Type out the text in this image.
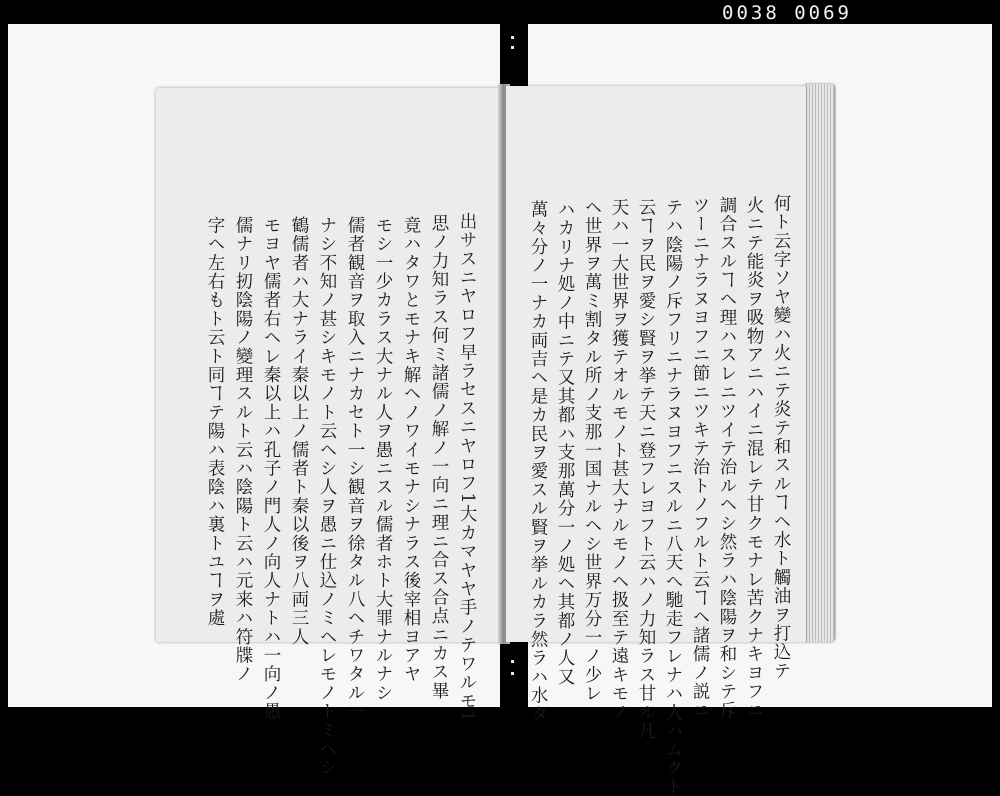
0038 0069
出サスニヤロフ早ラセスニヤロフ1大カマヤヤ手ノテワルモ1
思ノ力知ラス何ミ諸儒ノ解ノ一向ニ理ニ合ス合点ニカス畢
竟ハタワとモナキ解ヘノワイモナシナラス後宰相ヨアヤ
モシ一少カラス大ナル人ヲ愚ニスル儒者ホト大罪ナルナシ
儒者観音ヲ取入ニナカセト一シ観音ヲ徐タル八ヘチワタル一
ナシ不知ノ甚シキモノト云ヘシ人ヲ愚ニ仕込ノミヘレモノトミヘシ
鶴儒者ハ大ナライ秦以上ノ儒者ト秦以後ヲ八両三人
モヨヤ儒者右ヘレ秦以上ハ孔子ノ門人ノ向人ナトハ一向ノ愚
儒ナリ扨陰陽ノ變理スルト云ハ陰陽ト云ハ元来ハ符牒ノ
字ヘ左右もト云ト同ヿテ陽ハ表陰ハ裏トユヿヲ處	何ト云字ソヤ變ハ火ニテ炎テ和スルヿヘ水ト觸油ヲ打込テ
火ニテ能炎ヲ吸物アニハイニ混レテ甘クモナレ苦クナキヨフニ
調合スルヿヘ理ハスレニツイテ治ルヘシ然ラハ陰陽ヲ和シテ斥
ツーニナラヌヨフニ節ニツキテ治トノフルト云ヿヘ諸儒ノ説ニ
テハ陰陽ノ斥フリニナラヌヨフニスルニ八天へ馳走フレナハ人ハムクト
云ヿヲ民ヲ愛シ賢ヲ挙テ天ニ登フレヨフト云ハノ力知ラス甘ル凡
天ハ一大世界ヲ獲テオルモノト甚大ナルモノヘ扱至テ遠キモノ
ヘ世界ヲ萬ミ割タル所ノ支那一国ナルヘシ世界万分一ノ少レ
ハカリナ処ノ中ニテ又其都ハ支那萬分一ノ処ヘ其都ノ人又
萬々分ノ一ナカ両吉ヘ是カ民ヲ愛スル賢ヲ挙ルカラ然ラハ水タ
